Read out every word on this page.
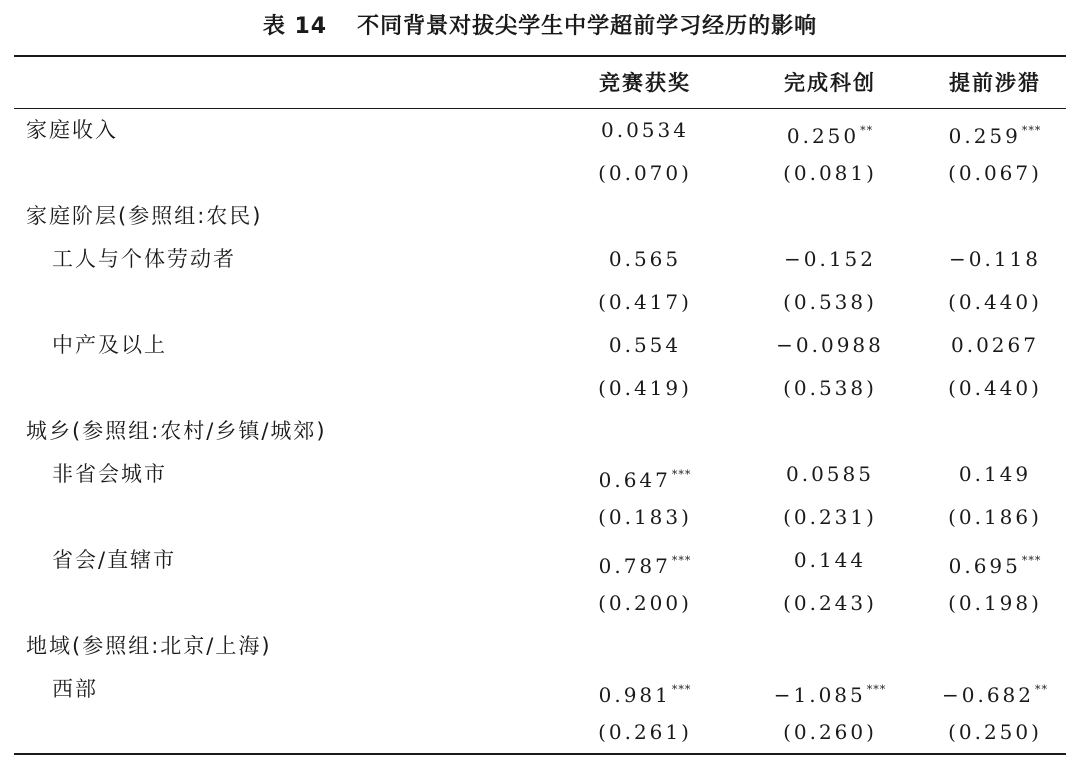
表 14 不同背景对拔尖学生中学超前学习经历的影响
竞赛获奖	完成科创	提前涉猎
家庭收入	0.0534	0.250**	0.259***
(0.070)	(0.081)	(0.067)
家庭阶层(参照组:农民)
工人与个体劳动者	0.565	−0.152	−0.118
(0.417)	(0.538)	(0.440)
中产及以上	0.554	−0.0988	0.0267
(0.419)	(0.538)	(0.440)
城乡(参照组:农村/乡镇/城郊)
非省会城市	0.647***	0.0585	0.149
(0.183)	(0.231)	(0.186)
省会/直辖市	0.787***	0.144	0.695***
(0.200)	(0.243)	(0.198)
地域(参照组:北京/上海)
西部	0.981***	−1.085***	−0.682**
(0.261)	(0.260)	(0.250)
